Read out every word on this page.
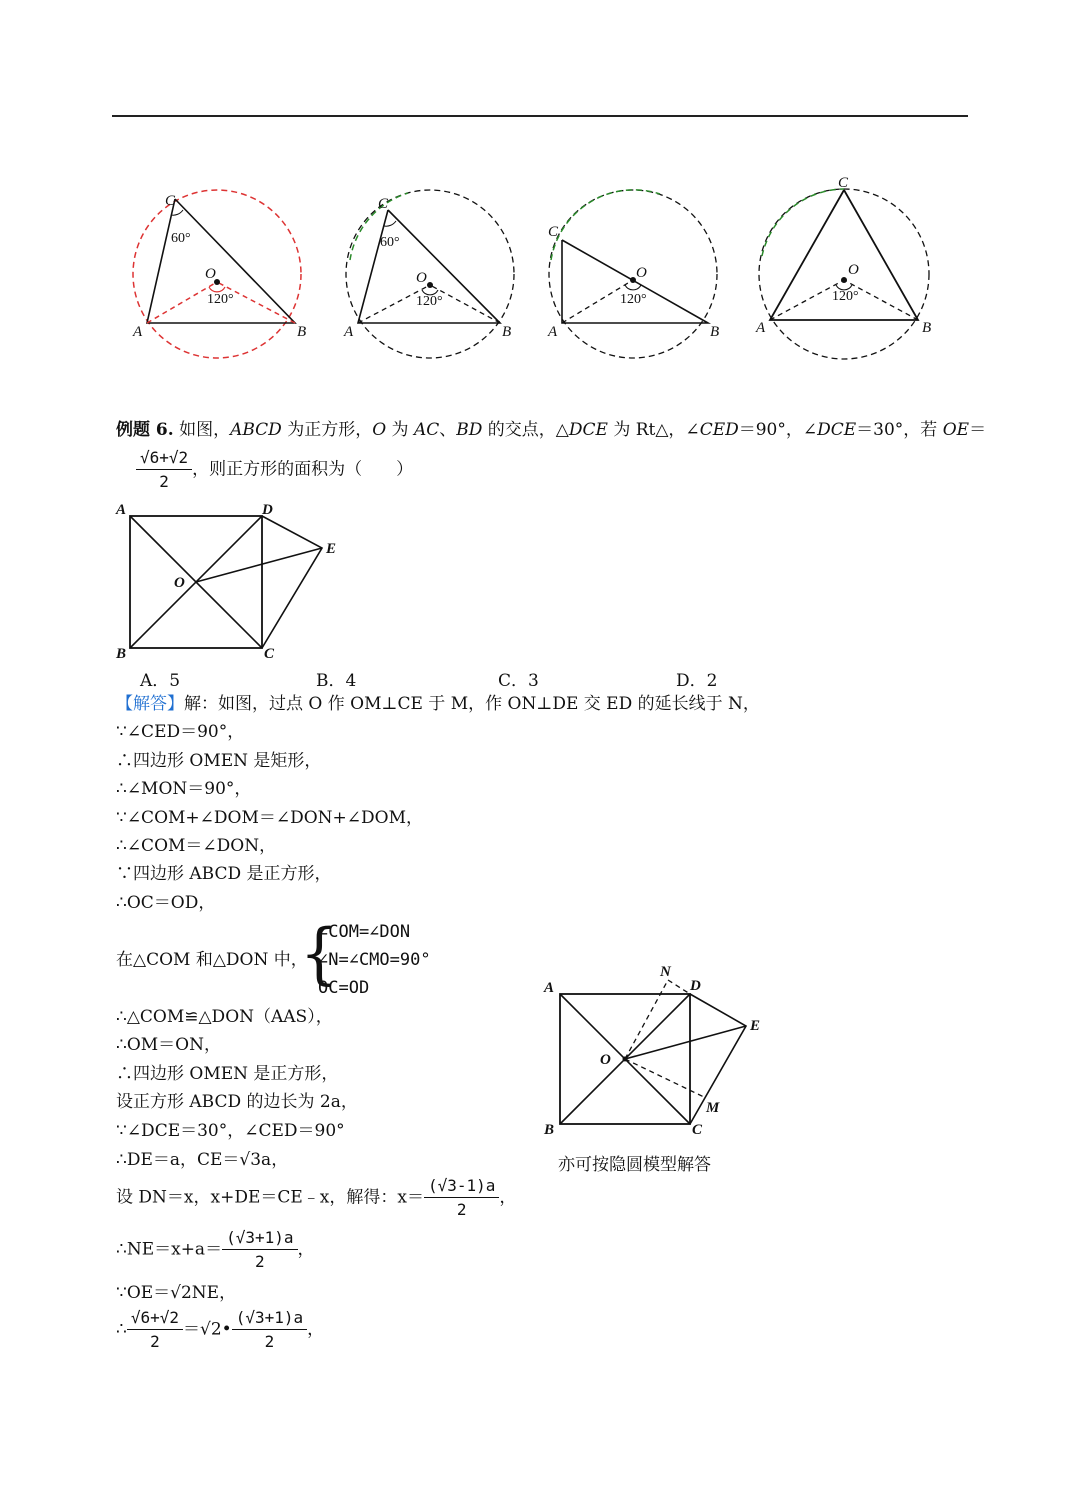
C
O
A	B
60°
120°
C
O
A	B
60°
120°
C
O
A	B
120°
C
O
A	B
120°
例题 6. 如图，ABCD 为正方形，O 为 AC、BD 的交点，△DCE 为 Rt△，∠CED＝90°，∠DCE＝30°，若 OE＝
$\frac{√6+√2}{2}$ ，则正方形的面积为（　　）
A	D
E
O
B	C
A．5	B．4	C．3	D．2
【解答】解：如图，过点 O 作 OM⊥CE 于 M，作 ON⊥DE 交 ED 的延长线于 N，
∵∠CED＝90°，
∴四边形 OMEN 是矩形，
∴∠MON＝90°，
∵∠COM+∠DOM＝∠DON+∠DOM，
∴∠COM＝∠DON，
∵四边形 ABCD 是正方形，
∴OC＝OD，
在△COM 和△DON 中，
{
∠COM=∠DON
∠N=∠CMO=90°
OC=OD
∴△COM≌△DON（AAS），
∴OM＝ON，
∴四边形 OMEN 是正方形，
设正方形 ABCD 的边长为 2a，
∵∠DCE＝30°，∠CED＝90°
∴DE＝a，CE＝√3a，
设 DN＝x，x+DE＝CE﹣x，解得：$x= \frac{(√3-1)a}{2}$ ，
∴NE＝x+a＝ $\frac{(√3+1)a}{2}$ ，
∵OE＝√2NE，
∴ $\frac{√6+√2}{2}$ ＝√2• $\frac{(√3+1)a}{2}$ ，
A
N
D
E
O
M
B	C
亦可按隐圆模型解答
